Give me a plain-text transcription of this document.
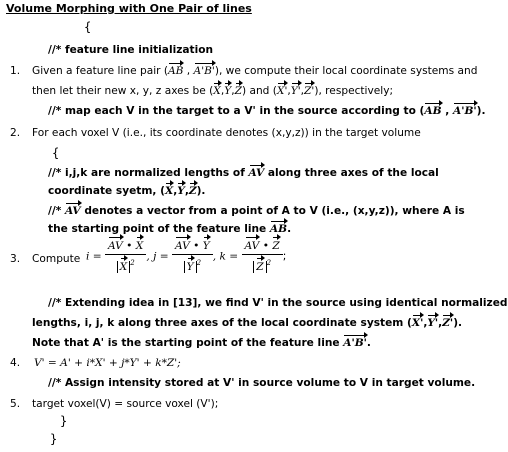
Volume Morphing with One Pair of lines
{
//* feature line initialization
1. Given a feature line pair (AB , A'B'), we compute their local coordinate systems and
then let their new x, y, z axes be (X,Y,Z) and (X',Y',Z'), respectively;
//* map each V in the target to a V' in the source according to (AB , A'B').
2. For each voxel V (i.e., its coordinate denotes (x,y,z)) in the target volume
{
//* i,j,k are normalized lengths of AV along three axes of the local
coordinate syetm, (X,Y,Z).
//* AV denotes a vector from a point of A to V (i.e., (x,y,z)), where A is
the starting point of the feature line AB.
3. Compute $i = \frac{AV • X}{X ^2}$ , $j = \frac{AV • Y}{Y ^2}$ , $k = \frac{AV • Z}{Z ^2}$ ;
//* Extending idea in [13], we find V' in the source using identical normalized
lengths, i, j, k along three axes of the local coordinate system (X',Y',Z').
Note that A' is the starting point of the feature line A'B'.
4. V' = A' + i*X' + j*Y' + k*Z';
//* Assign intensity stored at V' in source volume to V in target volume.
5. target voxel(V) = source voxel (V');
}
}
